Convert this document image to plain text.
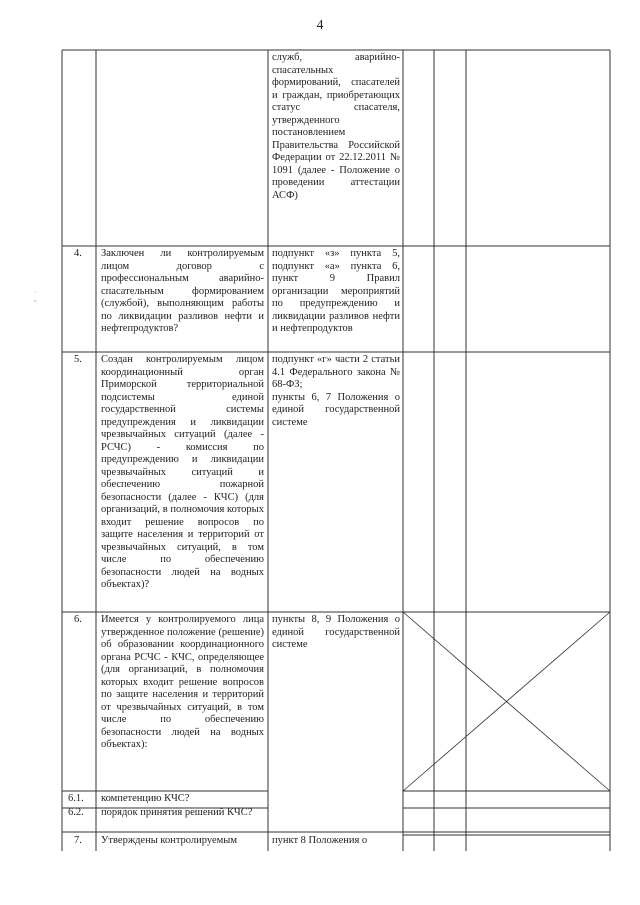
4
˙
˜
служб, аварийно-спасательных формирований, спасателей и граждан, приобретающих статус спасателя, утвержденного постановлением Правительства Российской Федерации от 22.12.2011 № 1091 (далее - Положение о проведении аттестации АСФ)
4. Заключен ли контролируемым лицом договор с профессиональным аварийно-спасательным формированием (службой), выполняющим работы по ликвидации разливов нефти и нефтепродуктов?
подпункт «з» пункта 5, подпункт «а» пункта 6, пункт 9 Правил организации мероприятий по предупреждению и ликвидации разливов нефти и нефтепродуктов
5. Создан контролируемым лицом координационный орган Приморской территориальной подсистемы единой государственной системы предупреждения и ликвидации чрезвычайных ситуаций (далее - РСЧС) - комиссия по предупреждению и ликвидации чрезвычайных ситуаций и обеспечению пожарной безопасности (далее - КЧС) (для организаций, в полномочия которых входит решение вопросов по защите населения и территорий от чрезвычайных ситуаций, в том числе по обеспечению безопасности людей на водных объектах)?
подпункт «г» части 2 статьи 4.1 Федерального закона № 68-ФЗ;
пункты 6, 7 Положения о единой государственной системе
6. Имеется у контролируемого лица утвержденное положение (решение) об образовании координационного органа РСЧС - КЧС, определяющее (для организаций, в полномочия которых входит решение вопросов по защите населения и территорий от чрезвычайных ситуаций, в том числе по обеспечению безопасности людей на водных объектах):
пункты 8, 9 Положения о единой государственной системе
6.1. компетенцию КЧС?
6.2. порядок принятия решений КЧС?
7. Утверждены контролируемым	пункт 8 Положения о
